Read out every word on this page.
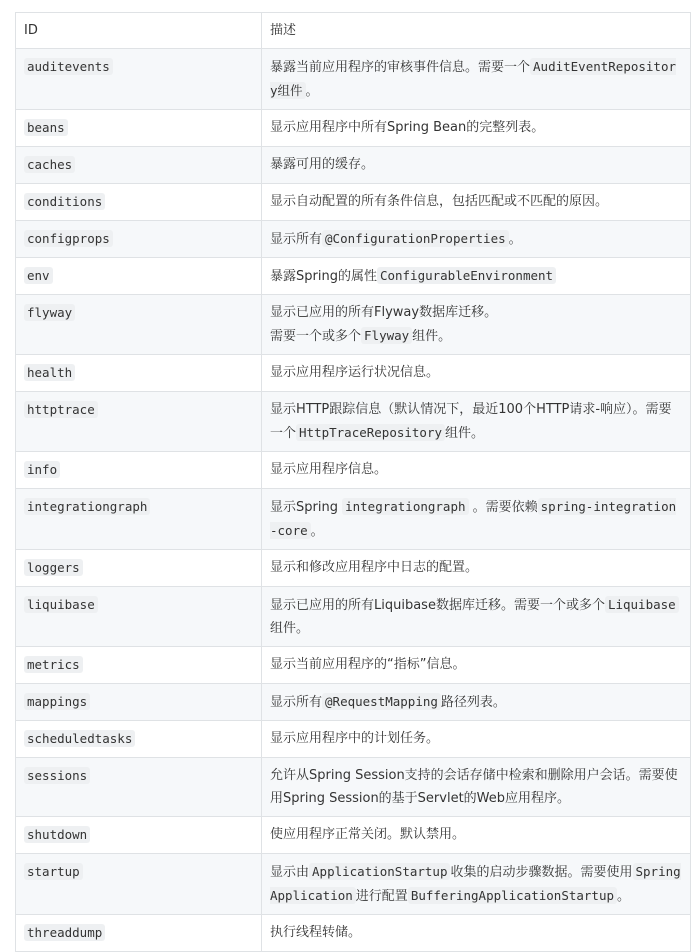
ID	描述
auditevents	暴露当前应用程序的审核事件信息。需要一个 AuditEventRepository组件 。
beans	显示应用程序中所有Spring Bean的完整列表。
caches	暴露可用的缓存。
conditions	显示自动配置的所有条件信息，包括匹配或不匹配的原因。
configprops	显示所有 @ConfigurationProperties 。
env	暴露Spring的属性 ConfigurableEnvironment
flyway	显示已应用的所有Flyway数据库迁移。
需要一个或多个 Flyway 组件。
health	显示应用程序运行状况信息。
httptrace	显示HTTP跟踪信息（默认情况下，最近100个HTTP请求-响应）。需要一个 HttpTraceRepository 组件。
info	显示应用程序信息。
integrationgraph	显示Spring integrationgraph 。需要依赖 spring-integration-core 。
loggers	显示和修改应用程序中日志的配置。
liquibase	显示已应用的所有Liquibase数据库迁移。需要一个或多个 Liquibase组件。
metrics	显示当前应用程序的“指标”信息。
mappings	显示所有 @RequestMapping 路径列表。
scheduledtasks	显示应用程序中的计划任务。
sessions	允许从Spring Session支持的会话存储中检索和删除用户会话。需要使用Spring Session的基于Servlet的Web应用程序。
shutdown	使应用程序正常关闭。默认禁用。
startup	显示由 ApplicationStartup 收集的启动步骤数据。需要使用 SpringApplication 进行配置 BufferingApplicationStartup 。
threaddump	执行线程转储。
